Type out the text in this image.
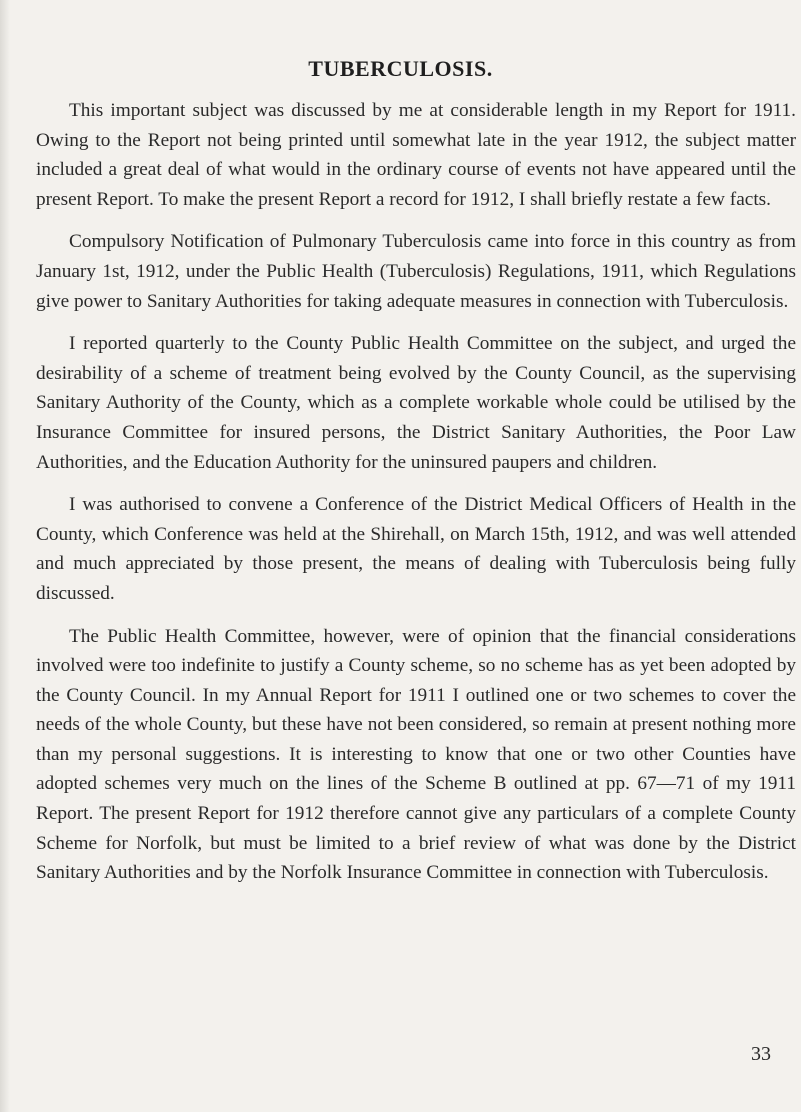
TUBERCULOSIS.

This important subject was discussed by me at considerable length in my Report for 1911. Owing to the Report not being printed until somewhat late in the year 1912, the subject matter included a great deal of what would in the ordinary course of events not have appeared until the present Report. To make the present Report a record for 1912, I shall briefly restate a few facts.

Compulsory Notification of Pulmonary Tuberculosis came into force in this country as from January 1st, 1912, under the Public Health (Tuberculosis) Regulations, 1911, which Regulations give power to Sanitary Authorities for taking adequate measures in connection with Tuberculosis.

I reported quarterly to the County Public Health Committee on the subject, and urged the desirability of a scheme of treatment being evolved by the County Council, as the supervising Sanitary Authority of the County, which as a complete workable whole could be utilised by the Insurance Committee for insured persons, the District Sanitary Authorities, the Poor Law Authorities, and the Education Authority for the uninsured paupers and children.

I was authorised to convene a Conference of the District Medical Officers of Health in the County, which Conference was held at the Shirehall, on March 15th, 1912, and was well attended and much appreciated by those present, the means of dealing with Tuberculosis being fully discussed.

The Public Health Committee, however, were of opinion that the financial considerations involved were too indefinite to justify a County scheme, so no scheme has as yet been adopted by the County Council. In my Annual Report for 1911 I outlined one or two schemes to cover the needs of the whole County, but these have not been considered, so remain at present nothing more than my personal suggestions. It is interesting to know that one or two other Counties have adopted schemes very much on the lines of the Scheme B outlined at pp. 67—71 of my 1911 Report. The present Report for 1912 therefore cannot give any particulars of a complete County Scheme for Norfolk, but must be limited to a brief review of what was done by the District Sanitary Authorities and by the Norfolk Insurance Committee in connection with Tuberculosis.

33
